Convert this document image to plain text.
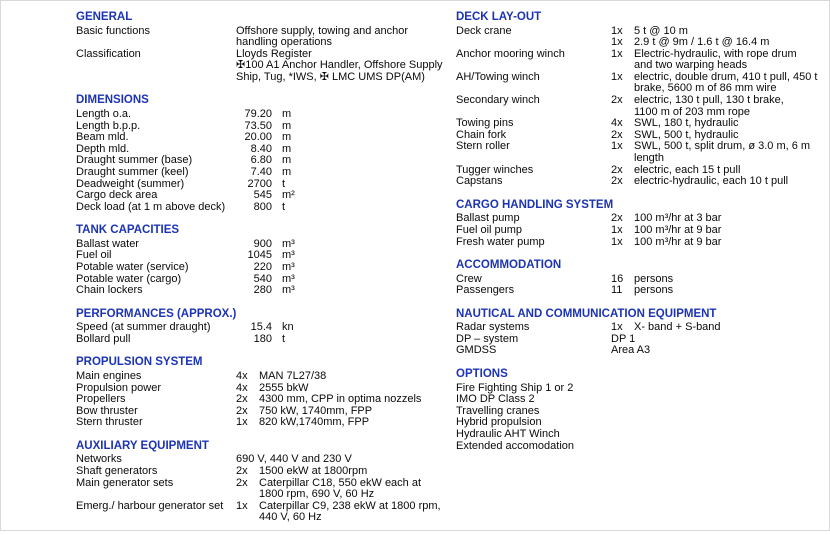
GENERAL
Basic functions	Offshore supply, towing and anchor
handling operations
Classification	Lloyds Register
✠100 A1 Anchor Handler, Offshore Supply
Ship, Tug, *IWS, ✠ LMC UMS DP(AM)
DIMENSIONS
Length o.a.	79.20 m
Length b.p.p.	73.50 m
Beam mld.	20.00 m
Depth mld.	8.40 m
Draught summer (base)	6.80 m
Draught summer (keel)	7.40 m
Deadweight (summer)	2700 t
Cargo deck area	545 m²
Deck load (at 1 m above deck)	800 t
TANK CAPACITIES
Ballast water	900 m³
Fuel oil	1045 m³
Potable water (service)	220 m³
Potable water (cargo)	540 m³
Chain lockers	280 m³
PERFORMANCES (APPROX.)
Speed (at summer draught)	15.4 kn
Bollard pull	180 t
PROPULSION SYSTEM
Main engines	4x	MAN 7L27/38
Propulsion power	4x	2555 bkW
Propellers	2x	4300 mm, CPP in optima nozzels
Bow thruster	2x	750 kW, 1740mm, FPP
Stern thruster	1x	820 kW,1740mm, FPP
AUXILIARY EQUIPMENT
Networks	690 V, 440 V and 230 V
Shaft generators	2x	1500 ekW at 1800rpm
Main generator sets	2x	Caterpillar C18, 550 ekW each at
1800 rpm, 690 V, 60 Hz
Emerg./ harbour generator set	1x	Caterpillar C9, 238 ekW at 1800 rpm,
440 V, 60 Hz
DECK LAY-OUT
Deck crane	1x	5 t @ 10 m
1x	2.9 t @ 9m / 1.6 t @ 16.4 m
Anchor mooring winch	1x	Electric-hydraulic, with rope drum
and two warping heads
AH/Towing winch	1x	electric, double drum, 410 t pull, 450 t
brake, 5600 m of 86 mm wire
Secondary winch	2x	electric, 130 t pull, 130 t brake,
1100 m of 203 mm rope
Towing pins	4x	SWL, 180 t, hydraulic
Chain fork	2x	SWL, 500 t, hydraulic
Stern roller	1x	SWL, 500 t, split drum, ø 3.0 m, 6 m
length
Tugger winches	2x	electric, each 15 t pull
Capstans	2x	electric-hydraulic, each 10 t pull
CARGO HANDLING SYSTEM
Ballast pump	2x	100 m³/hr at 3 bar
Fuel oil pump	1x	100 m³/hr at 9 bar
Fresh water pump	1x	100 m³/hr at 9 bar
ACCOMMODATION
Crew	16 persons
Passengers	11	persons
NAUTICAL AND COMMUNICATION EQUIPMENT
Radar systems	1x	X- band + S-band
DP – system	DP 1
GMDSS	Area A3
OPTIONS
Fire Fighting Ship 1 or 2
IMO DP Class 2
Travelling cranes
Hybrid propulsion
Hydraulic AHT Winch
Extended accomodation
